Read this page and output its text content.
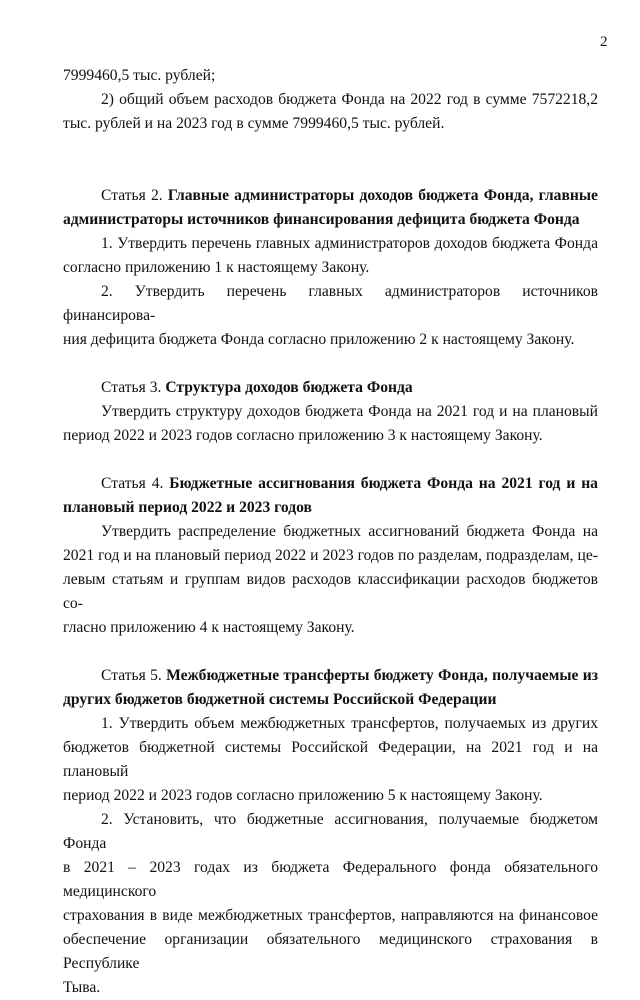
2
7999460,5 тыс. рублей;
2) общий объем расходов бюджета Фонда на 2022 год в сумме 7572218,2
тыс. рублей и на 2023 год в сумме 7999460,5 тыс. рублей.
Статья 2. Главные администраторы доходов бюджета Фонда, главные
администраторы источников финансирования дефицита бюджета Фонда
1. Утвердить перечень главных администраторов доходов бюджета Фонда
согласно приложению 1 к настоящему Закону.
2. Утвердить перечень главных администраторов источников финансирова-
ния дефицита бюджета Фонда согласно приложению 2 к настоящему Закону.
Статья 3. Структура доходов бюджета Фонда
Утвердить структуру доходов бюджета Фонда на 2021 год и на плановый
период 2022 и 2023 годов согласно приложению 3 к настоящему Закону.
Статья 4. Бюджетные ассигнования бюджета Фонда на 2021 год и на
плановый период 2022 и 2023 годов
Утвердить распределение бюджетных ассигнований бюджета Фонда на
2021 год и на плановый период 2022 и 2023 годов по разделам, подразделам, це-
левым статьям и группам видов расходов классификации расходов бюджетов со-
гласно приложению 4 к настоящему Закону.
Статья 5. Межбюджетные трансферты бюджету Фонда, получаемые из
других бюджетов бюджетной системы Российской Федерации
1. Утвердить объем межбюджетных трансфертов, получаемых из других
бюджетов бюджетной системы Российской Федерации, на 2021 год и на плановый
период 2022 и 2023 годов согласно приложению 5 к настоящему Закону.
2. Установить, что бюджетные ассигнования, получаемые бюджетом Фонда
в 2021 – 2023 годах из бюджета Федерального фонда обязательного медицинского
страхования в виде межбюджетных трансфертов, направляются на финансовое
обеспечение организации обязательного медицинского страхования в Республике
Тыва.
